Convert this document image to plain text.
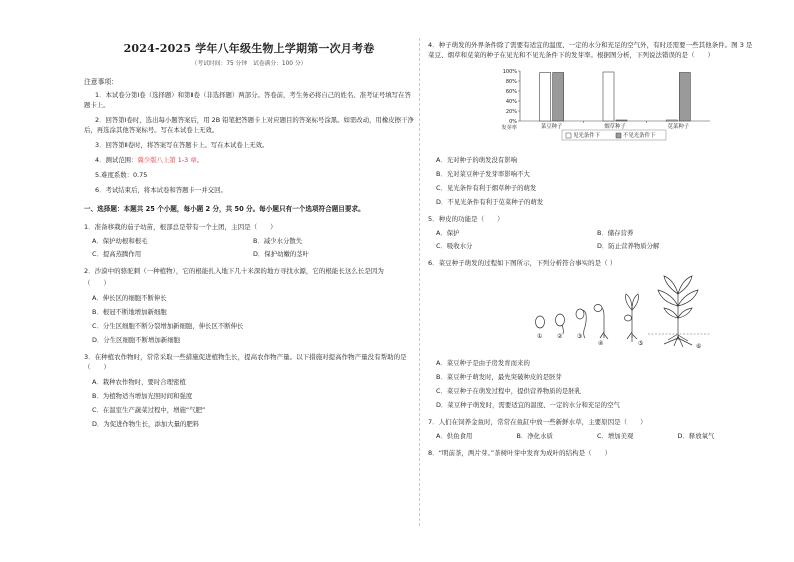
2024-2025 学年八年级生物上学期第一次月考卷
（考试时间：75 分钟　试卷满分：100 分）
注意事项：
1．本试卷分第Ⅰ卷（选择题）和第Ⅱ卷（非选择题）两部分。答卷前，考生务必将自己的姓名、准考证号填写在答题卡上。
2．回答第Ⅰ卷时，选出每小题答案后，用 2B 铅笔把答题卡上对应题目的答案标号涂黑。如需改动，用橡皮擦干净后，再选涂其他答案标号。写在本试卷上无效。
3．回答第Ⅱ卷时，将答案写在答题卡上。写在本试卷上无效。
4．测试范围：冀少版八上第 1-3 章。
5.难度系数：0.75
6．考试结束后，将本试卷和答题卡一并交回。
一、选择题：本题共 25 个小题，每小题 2 分，共 50 分。每小题只有一个选项符合题目要求。
1．准备移栽的茄子幼苗，根部总是带有一个土团，主因是（　　）
A．保护幼根和根毛	B．减少水分散失
C．提高蒸腾作用	D．保护幼嫩的茎叶
2．沙漠中的骆驼刺（一种植物），它的根能扎入地下几十米深的地方寻找水源，它的根能长这么长是因为
（　　）
A．伸长区的细胞不断伸长
B．根冠不断地增加新细胞
C．分生区细胞不断分裂增加新细胞，伸长区不断伸长
D．分生区细胞不断增加新细胞
3．在种植农作物时，常常采取一些措施促进植物生长，提高农作物产量。以下措施对提高作物产量没有帮助的是（　　）
A．栽种农作物时，要时合理密植
B．为植物适当增加光照时间和强度
C．在温室生产蔬菜过程中，增施“气肥”
D．为促进作物生长，添加大量的肥料
4．种子萌发的外界条件除了需要有适宜的温度、一定的水分和充足的空气外，有时还需要一些其他条件。图 3 是菜豆、烟草和苋菜的种子在见光和不见光条件下的发芽率。根据图分析，下列说法错误的是（　　）
0%
20%
40%
60%
80%
100%
发芽率	菜豆种子	烟草种子	苋菜种子
见光条件下	不见光条件下
A．光对种子的萌发没有影响
B．光对菜豆种子发芽率影响不大
C．见光条件有利于烟草种子的萌发
D．不见光条件有利于苋菜种子的萌发
5．种皮的功能是（　　）
A．保护	B．储存营养
C．吸收水分	D．防止营养物质分解
6．菜豆种子萌发的过程如下图所示，下列分析符合事实的是（ ）
① ② ③
④	⑤	⑥
A．菜豆种子是由子房发育而来的
B．菜豆种子萌发时，最先突破种皮的是胚芽
C．菜豆种子在萌发过程中，提供营养物质的是胚乳
D．菜豆种子萌发时，需要适宜的温度、一定的水分和充足的空气
7．人们在饲养金鱼时，常常在鱼缸中放一些新鲜水草，主要原因是（　　）
A．供鱼食用	B．净化水质	C．增加美观	D．释放氧气
8．“明前茶，两片芽。”茶树叶芽中发育为成叶的结构是（　　）
